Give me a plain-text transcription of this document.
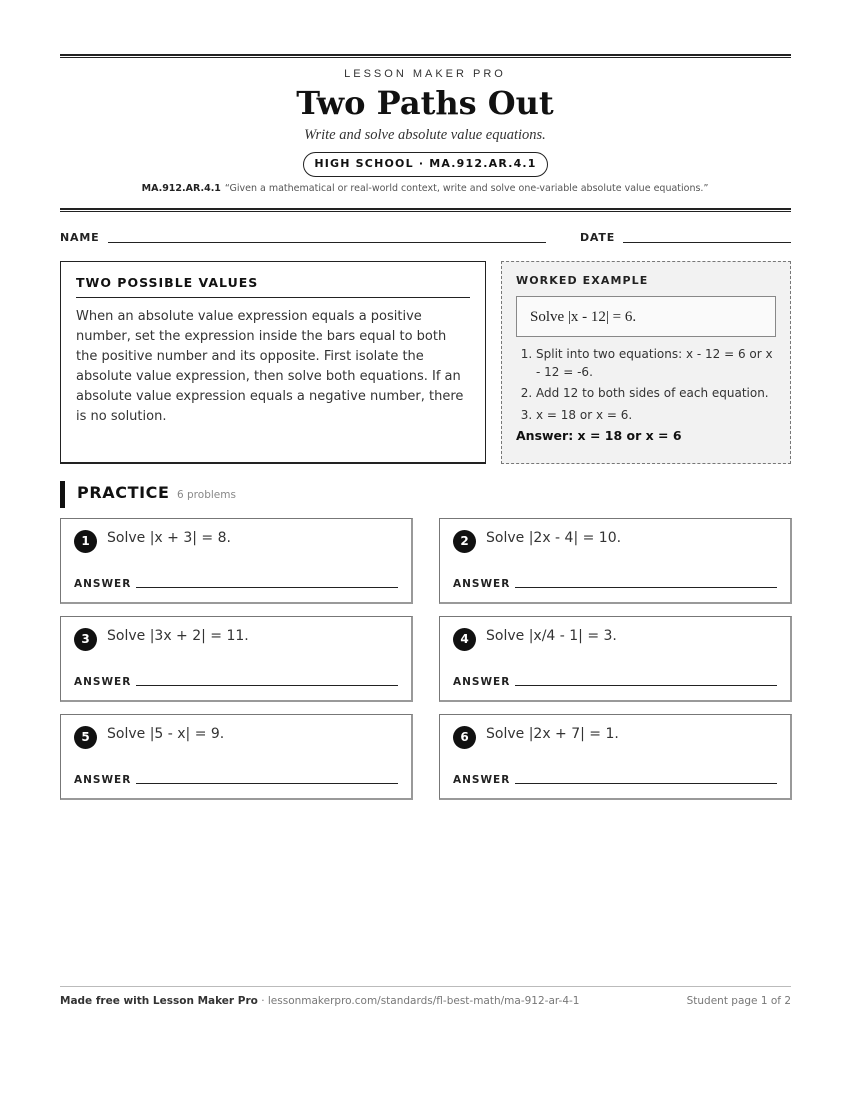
LESSON MAKER PRO
Two Paths Out
Write and solve absolute value equations.
HIGH SCHOOL · MA.912.AR.4.1
MA.912.AR.4.1 “Given a mathematical or real-world context, write and solve one-variable absolute value equations.”
NAME	DATE
TWO POSSIBLE VALUES

When an absolute value expression equals a positive number, set the expression inside the bars equal to both the positive number and its opposite. First isolate the absolute value expression, then solve both equations. If an absolute value expression equals a negative number, there is no solution.

WORKED EXAMPLE
Solve |x - 12| = 6.
1. Split into two equations: x - 12 = 6 or x - 12 = -6.
2. Add 12 to both sides of each equation.
3. x = 18 or x = 6.
Answer: x = 18 or x = 6
PRACTICE 6 problems
1	Solve |x + 3| = 8.
ANSWER
2	Solve |2x - 4| = 10.
ANSWER
3	Solve |3x + 2| = 11.
ANSWER
4	Solve |x/4 - 1| = 3.
ANSWER
5	Solve |5 - x| = 9.
ANSWER
6	Solve |2x + 7| = 1.
ANSWER
Made free with Lesson Maker Pro · lessonmakerpro.com/standards/fl-best-math/ma-912-ar-4-1	Student page 1 of 2
